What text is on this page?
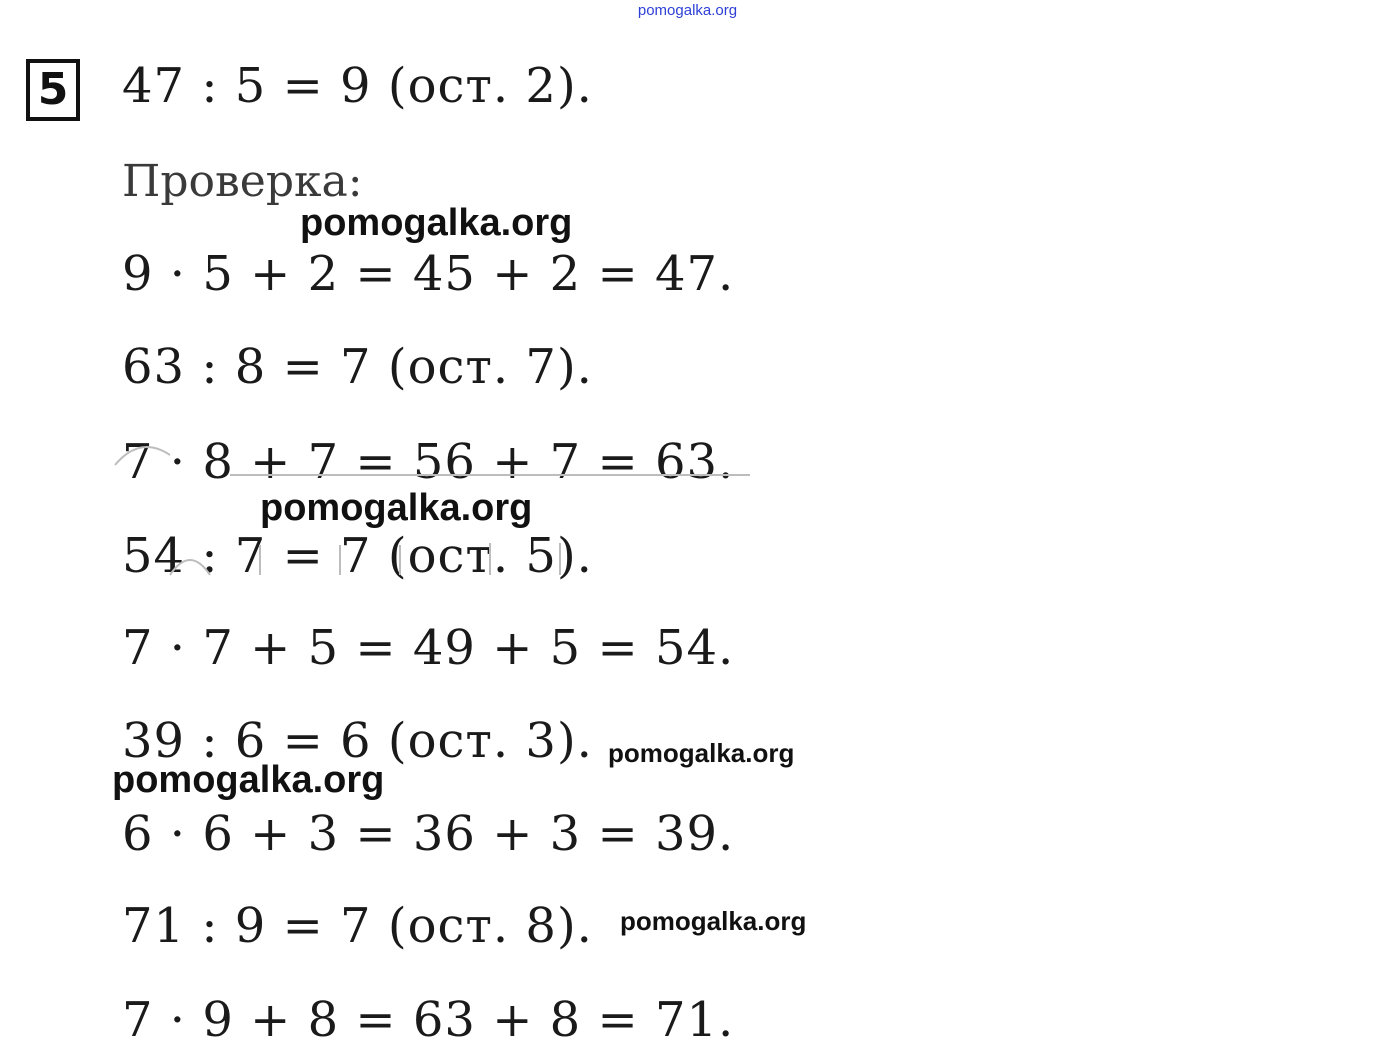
pomogalka.org
5 47 : 5 = 9 (ост. 2).
Проверка:
9 · 5 + 2 = 45 + 2 = 47.
63 : 8 = 7 (ост. 7).
7 · 8 + 7 = 56 + 7 = 63.
54 : 7 = 7 (ост. 5).
7 · 7 + 5 = 49 + 5 = 54.
39 : 6 = 6 (ост. 3).
6 · 6 + 3 = 36 + 3 = 39.
71 : 9 = 7 (ост. 8).
7 · 9 + 8 = 63 + 8 = 71.
pomogalka.org
pomogalka.org
pomogalka.org
pomogalka.org
pomogalka.org
